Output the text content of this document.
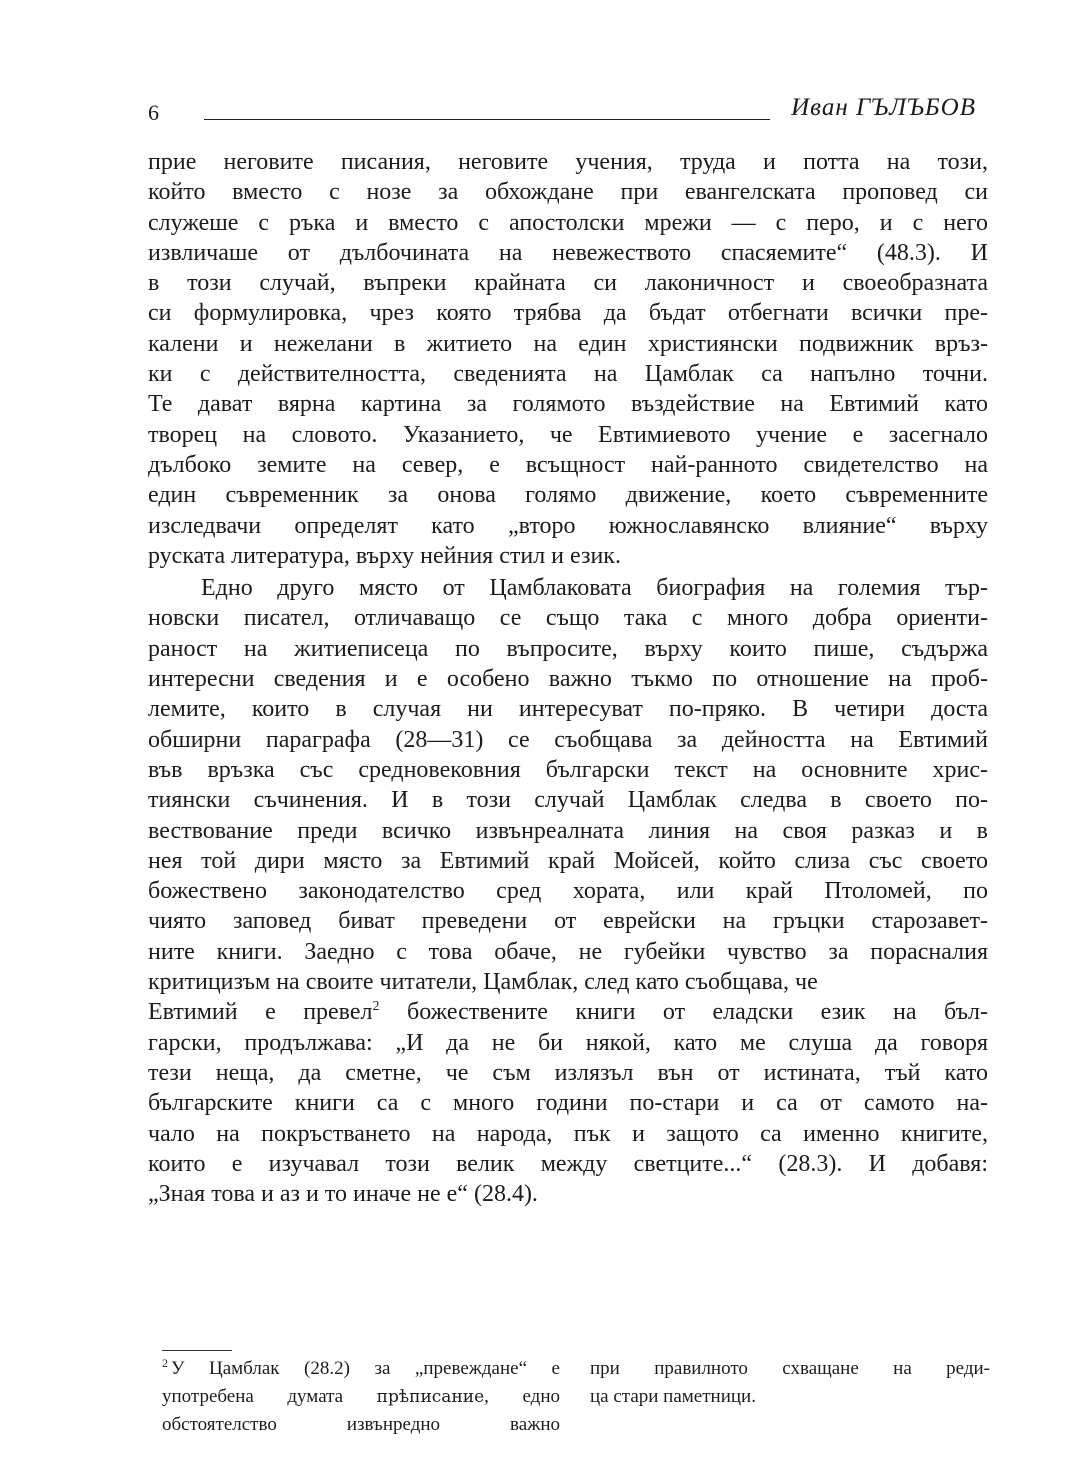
6	Иван ГЪЛЪБОВ

прие неговите писания, неговите учения, труда и потта на този,
който вместо с нозе за обхождане при евангелската проповед си
служеше с ръка и вместо с апостолски мрежи — с перо, и с него
извличаше от дълбочината на невежеството спасяемите“ (48.3). И
в този случай, въпреки крайната си лаконичност и своеобразната
си формулировка, чрез която трябва да бъдат отбегнати всички пре-
калени и нежелани в житието на един християнски подвижник връз-
ки с действителността, сведенията на Цамблак са напълно точни.
Те дават вярна картина за голямото въздействие на Евтимий като
творец на словото. Указанието, че Евтимиевото учение е засегнало
дълбоко земите на север, е всъщност най-ранното свидетелство на
един съвременник за онова голямо движение, което съвременните
изследвачи определят като „второ южнославянско влияние“ върху
руската литература, върху нейния стил и език.

Едно друго място от Цамблаковата биография на големия тър-
новски писател, отличаващо се също така с много добра ориенти-
раност на житиеписеца по въпросите, върху които пише, съдържа
интересни сведения и е особено важно тъкмо по отношение на проб-
лемите, които в случая ни интересуват по-пряко. В четири доста
обширни параграфа (28—31) се съобщава за дейността на Евтимий
във връзка със средновековния български текст на основните хрис-
тиянски съчинения. И в този случай Цамблак следва в своето по-
вествование преди всичко извънреалната линия на своя разказ и в
нея той дири място за Евтимий край Мойсей, който слиза със своето
божествено законодателство сред хората, или край Птоломей, по
чиято заповед биват преведени от еврейски на гръцки старозавет-
ните книги. Заедно с това обаче, не губейки чувство за порасналия
критицизъм на своите читатели, Цамблак, след като съобщава, че
Евтимий е превел$^2$ божествените книги от еладски език на бъл-
гарски, продължава: „И да не би някой, като ме слуша да говоря
тези неща, да сметне, че съм излязъл вън от истината, тъй като
българските книги са с много години по-стари и са от самото на-
чало на покръстването на народа, пък и защото са именно книгите,
които е изучавал този велик между светците...“ (28.3). И добавя:
„Зная това и аз и то иначе не е“ (28.4).

$^2$ У Цамблак (28.2) за „превеждане“ е
употребена думата прѣписание, едно
обстоятелство извънредно важно
при правилното схващане на реди-
ца стари паметници.
